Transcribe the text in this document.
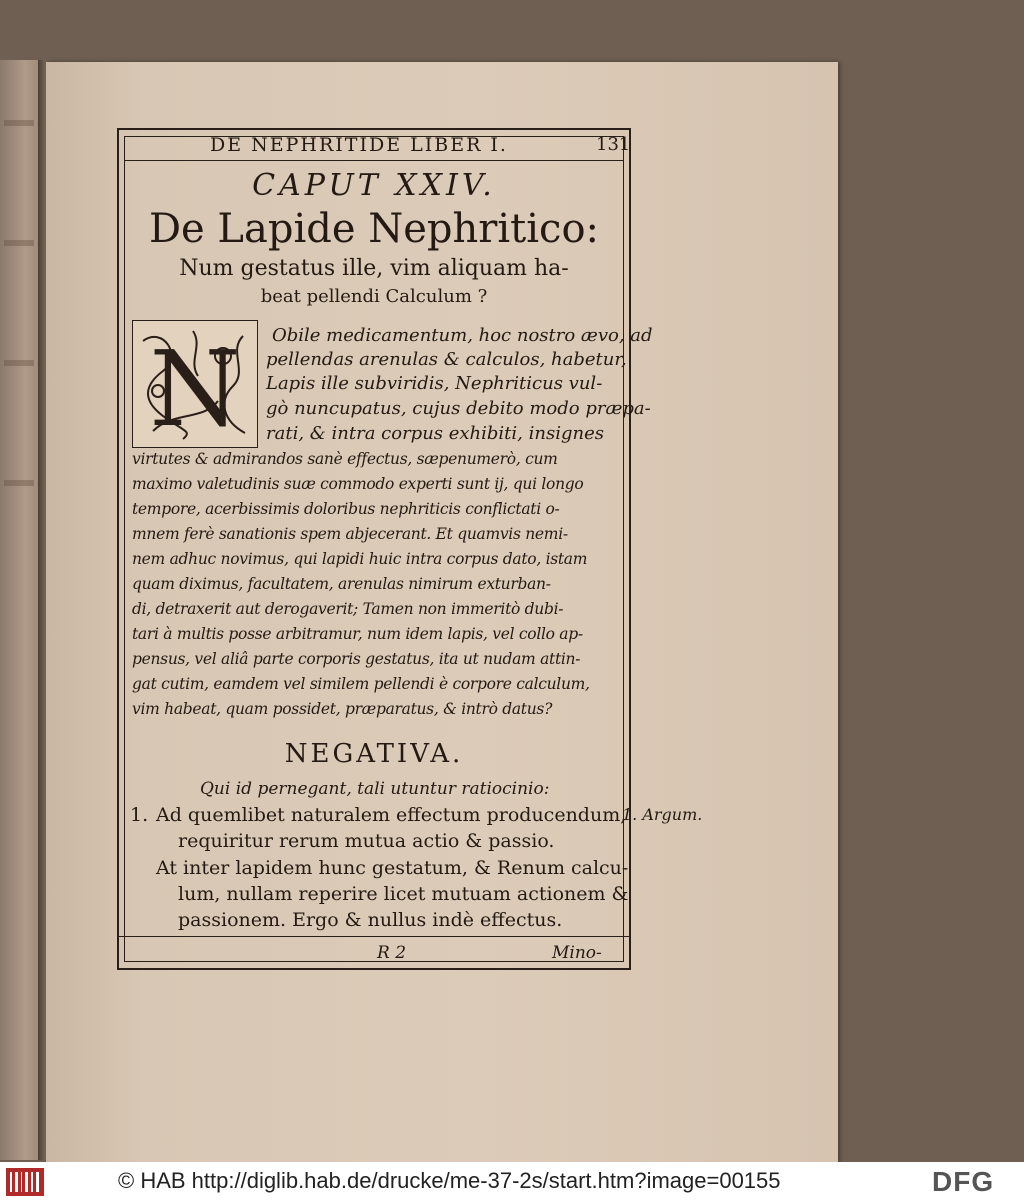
DE NEPHRITIDE LIBER I.	131
CAPUT XXIV.
De Lapide Nephritico:
Num gestatus ille, vim aliquam ha-
beat pellendi Calculum ?
N Obile medicamentum, hoc nostro ævo, ad
pellendas arenulas & calculos, habetur,
Lapis ille subviridis, Nephriticus vul-
gò nuncupatus, cujus debito modo præpa-
rati, & intra corpus exhibiti, insignes
virtutes & admirandos sanè effectus, sæpenumerò, cum
maximo valetudinis suæ commodo experti sunt ij, qui longo
tempore, acerbissimis doloribus nephriticis conflictati o-
mnem ferè sanationis spem abjecerant. Et quamvis nemi-
nem adhuc novimus, qui lapidi huic intra corpus dato, istam
quam diximus, facultatem, arenulas nimirum exturban-
di, detraxerit aut derogaverit; Tamen non immeritò dubi-
tari à multis posse arbitramur, num idem lapis, vel collo ap-
pensus, vel aliâ parte corporis gestatus, ita ut nudam attin-
gat cutim, eamdem vel similem pellendi è corpore calculum,
vim habeat, quam possidet, præparatus, & intrò datus?
NEGATIVA.
Qui id pernegant, tali utuntur ratiocinio:
1. Ad quemlibet naturalem effectum producendum,
requiritur rerum mutua actio & passio.
At inter lapidem hunc gestatum, & Renum calcu-
lum, nullam reperire licet mutuam actionem &
passionem. Ergo & nullus indè effectus.
1. Argum.
R 2	Mino-
© HAB http://diglib.hab.de/drucke/me-37-2s/start.htm?image=00155	DFG
